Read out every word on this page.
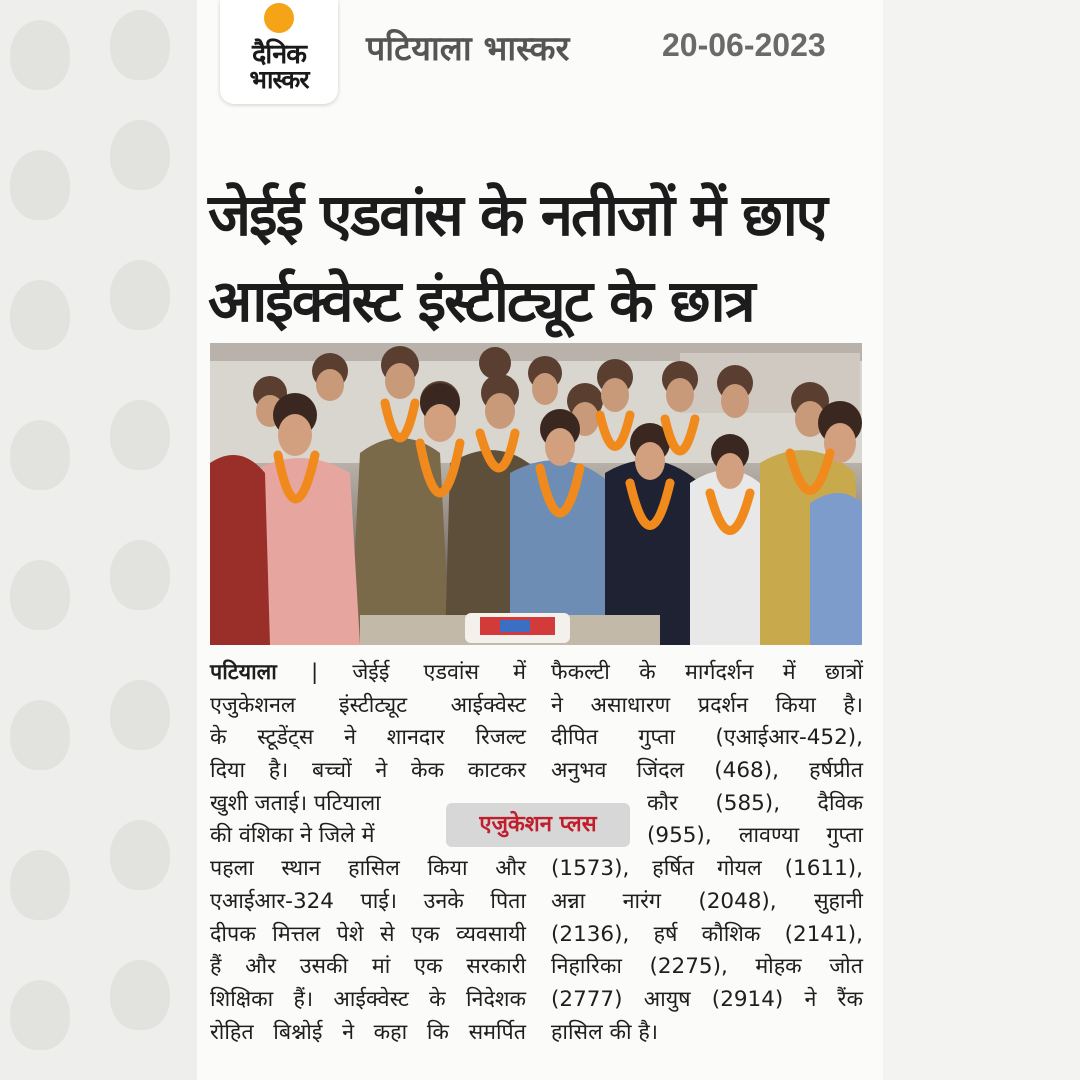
दैनिक
भास्कर
पटियाला भास्कर	20-06-2023
जेईई एडवांस के नतीजों में छाए
आईक्वेस्ट इंस्टीट्यूट के छात्र
पटियाला | जेईई एडवांस में
एजुकेशनल इंस्टीट्यूट आईक्वेस्ट
के स्टूडेंट्स ने शानदार रिजल्ट
दिया है। बच्चों ने केक काटकर
खुशी जताई। पटियाला
की वंशिका ने जिले में
पहला स्थान हासिल किया और
एआईआर-324 पाई। उनके पिता
दीपक मित्तल पेशे से एक व्यवसायी
हैं और उसकी मां एक सरकारी
शिक्षिका हैं। आईक्वेस्ट के निदेशक
रोहित बिश्नोई ने कहा कि समर्पित
फैकल्टी के मार्गदर्शन में छात्रों
ने असाधारण प्रदर्शन किया है।
दीपित गुप्ता (एआईआर-452),
अनुभव जिंदल (468), हर्षप्रीत
कौर (585), दैविक
(955), लावण्या गुप्ता
(1573), हर्षित गोयल (1611),
अन्ना नारंग (2048), सुहानी
(2136), हर्ष कौशिक (2141),
निहारिका (2275), मोहक जोत
(2777) आयुष (2914) ने रैंक
हासिल की है।
एजुकेशन प्लस
